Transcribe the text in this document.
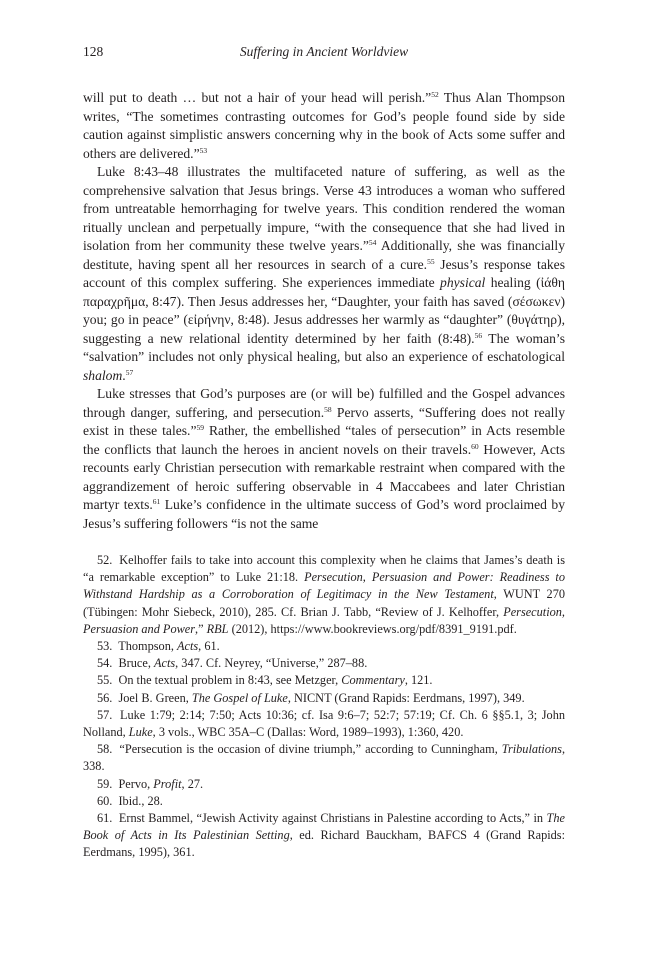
128	Suffering in Ancient Worldview

will put to death … but not a hair of your head will perish.”$^{52}$ Thus Alan Thompson writes, “The sometimes contrasting outcomes for God’s people found side by side caution against simplistic answers concerning why in the book of Acts some suffer and others are delivered.”$^{53}$

Luke 8:43–48 illustrates the multifaceted nature of suffering, as well as the comprehensive salvation that Jesus brings. Verse 43 introduces a woman who suffered from untreatable hemorrhaging for twelve years. This condition rendered the woman ritually unclean and perpetually impure, “with the consequence that she had lived in isolation from her community these twelve years.”$^{54}$ Additionally, she was financially destitute, having spent all her resources in search of a cure.$^{55}$ Jesus’s response takes account of this complex suffering. She experiences immediate physical healing (ἰάθη παραχρῆμα, 8:47). Then Jesus addresses her, “Daughter, your faith has saved (σέσωκεν) you; go in peace” (εἰρήνην, 8:48). Jesus addresses her warmly as “daughter” (θυγάτηρ), suggesting a new relational identity determined by her faith (8:48).$^{56}$ The woman’s “salvation” includes not only physical healing, but also an experience of eschatological shalom.$^{57}$

Luke stresses that God’s purposes are (or will be) fulfilled and the Gospel advances through danger, suffering, and persecution.$^{58}$ Pervo asserts, “Suffering does not really exist in these tales.”$^{59}$ Rather, the embellished “tales of persecution” in Acts resemble the conflicts that launch the heroes in ancient novels on their travels.$^{60}$ However, Acts recounts early Christian persecution with remarkable restraint when compared with the aggrandizement of heroic suffering observable in 4 Maccabees and later Christian martyr texts.$^{61}$ Luke’s confidence in the ultimate success of God’s word proclaimed by Jesus’s suffering followers “is not the same

52. Kelhoffer fails to take into account this complexity when he claims that James’s death is “a remarkable exception” to Luke 21:18. Persecution, Persuasion and Power: Readiness to Withstand Hardship as a Corroboration of Legitimacy in the New Testament, WUNT 270 (Tübingen: Mohr Siebeck, 2010), 285. Cf. Brian J. Tabb, “Review of J. Kelhoffer, Persecution, Persuasion and Power,” RBL (2012), https://www.bookreviews.org/pdf/8391_9191.pdf.

53. Thompson, Acts, 61.

54. Bruce, Acts, 347. Cf. Neyrey, “Universe,” 287–88.

55. On the textual problem in 8:43, see Metzger, Commentary, 121.

56. Joel B. Green, The Gospel of Luke, NICNT (Grand Rapids: Eerdmans, 1997), 349.

57. Luke 1:79; 2:14; 7:50; Acts 10:36; cf. Isa 9:6–7; 52:7; 57:19; Cf. Ch. 6 §§5.1, 3; John Nolland, Luke, 3 vols., WBC 35A–C (Dallas: Word, 1989–1993), 1:360, 420.

58. “Persecution is the occasion of divine triumph,” according to Cunningham, Tribulations, 338.

59. Pervo, Profit, 27.

60. Ibid., 28.

61. Ernst Bammel, “Jewish Activity against Christians in Palestine according to Acts,” in The Book of Acts in Its Palestinian Setting, ed. Richard Bauckham, BAFCS 4 (Grand Rapids: Eerdmans, 1995), 361.
